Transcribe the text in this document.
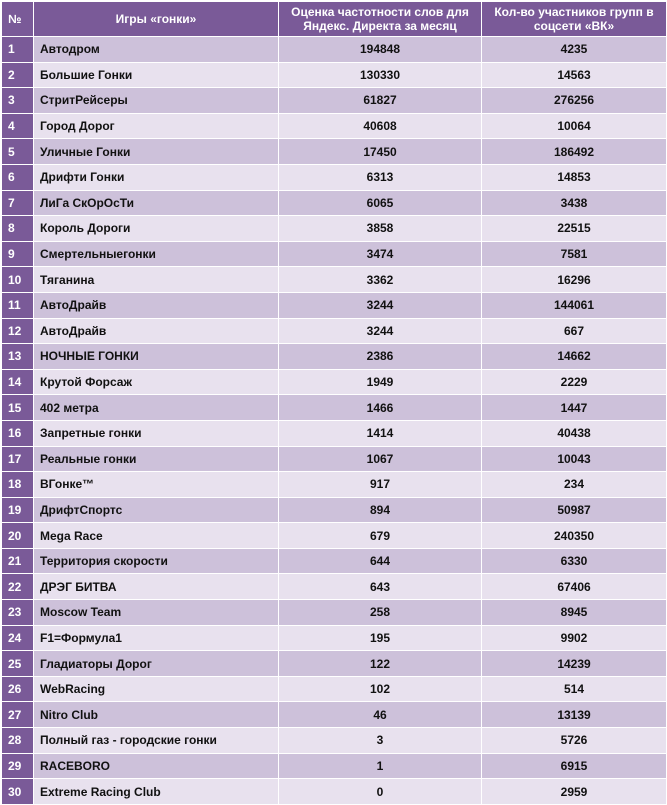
№	Игры «гонки»	Оценка частотности слов для Яндекс. Директа за месяц	Кол-во участников групп в соцсети «ВК»
1	Автодром	194848	4235
2	Большие Гонки	130330	14563
3	СтритРейсеры	61827	276256
4	Город Дорог	40608	10064
5	Уличные Гонки	17450	186492
6	Дрифти Гонки	6313	14853
7	ЛиГа СкОрОсТи	6065	3438
8	Король Дороги	3858	22515
9	Смертельныегонки	3474	7581
10	Тяганина	3362	16296
11	АвтоДрайв	3244	144061
12	АвтоДрайв	3244	667
13	НОЧНЫЕ ГОНКИ	2386	14662
14	Крутой Форсаж	1949	2229
15	402 метра	1466	1447
16	Запретные гонки	1414	40438
17	Реальные гонки	1067	10043
18	ВГонке™	917	234
19	ДрифтСпортс	894	50987
20	Mega Race	679	240350
21	Территория скорости	644	6330
22	ДРЭГ БИТВА	643	67406
23	Moscow Team	258	8945
24	F1=Формула1	195	9902
25	Гладиаторы Дорог	122	14239
26	WebRacing	102	514
27	Nitro Club	46	13139
28	Полный газ - городские гонки	3	5726
29	RACEBORO	1	6915
30	Extreme Racing Club	0	2959
